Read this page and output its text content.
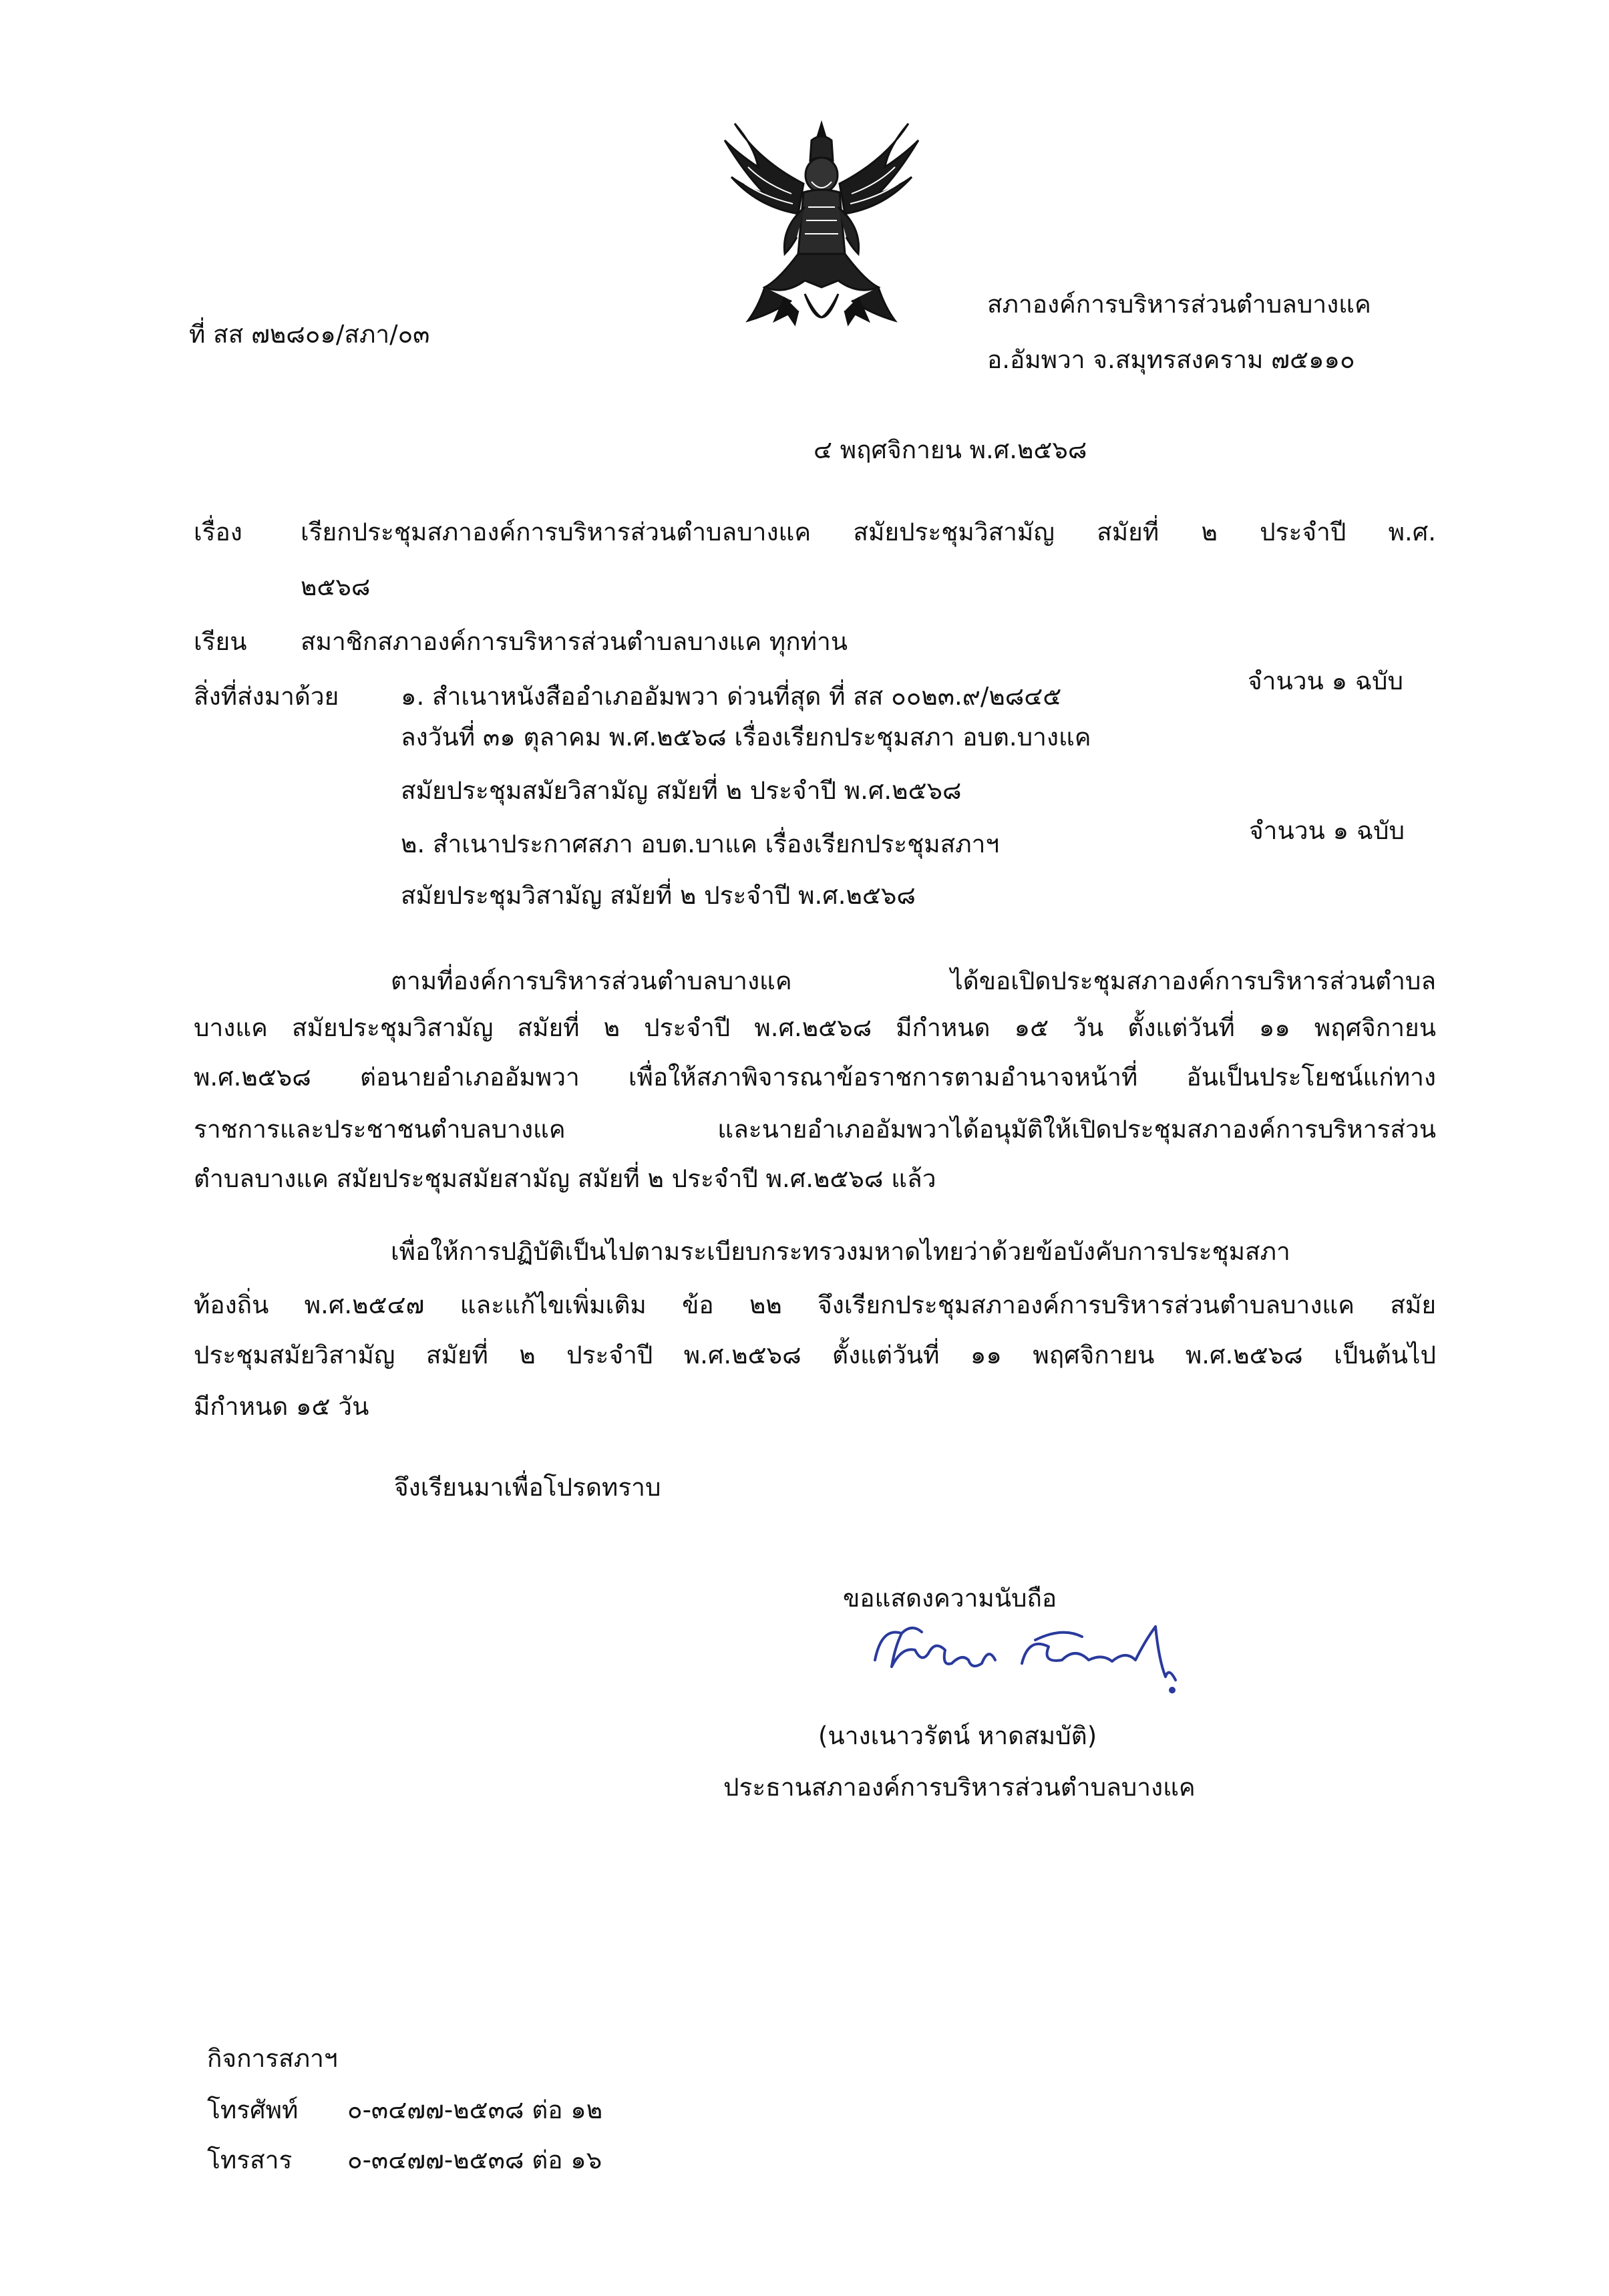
ที่ สส ๗๒๘๐๑/สภา/๐๓
สภาองค์การบริหารส่วนตำบลบางแค
อ.อัมพวา จ.สมุทรสงคราม ๗๕๑๑๐
๔ พฤศจิกายน พ.ศ.๒๕๖๘
เรื่อง เรียกประชุมสภาองค์การบริหารส่วนตำบลบางแค สมัยประชุมวิสามัญ สมัยที่ ๒ ประจำปี พ.ศ.
๒๕๖๘
เรียน สมาชิกสภาองค์การบริหารส่วนตำบลบางแค ทุกท่าน
สิ่งที่ส่งมาด้วย	๑. สำเนาหนังสืออำเภออัมพวา ด่วนที่สุด ที่ สส ๐๐๒๓.๙/๒๘๔๕
จำนวน ๑ ฉบับ
ลงวันที่ ๓๑ ตุลาคม พ.ศ.๒๕๖๘ เรื่องเรียกประชุมสภา อบต.บางแค
สมัยประชุมสมัยวิสามัญ สมัยที่ ๒ ประจำปี พ.ศ.๒๕๖๘
๒. สำเนาประกาศสภา อบต.บาแค เรื่องเรียกประชุมสภาฯ	จำนวน ๑ ฉบับ
สมัยประชุมวิสามัญ สมัยที่ ๒ ประจำปี พ.ศ.๒๕๖๘
ตามที่องค์การบริหารส่วนตำบลบางแค ได้ขอเปิดประชุมสภาองค์การบริหารส่วนตำบล
บางแค สมัยประชุมวิสามัญ สมัยที่ ๒ ประจำปี พ.ศ.๒๕๖๘ มีกำหนด ๑๕ วัน ตั้งแต่วันที่ ๑๑ พฤศจิกายน
พ.ศ.๒๕๖๘ ต่อนายอำเภออัมพวา เพื่อให้สภาพิจารณาข้อราชการตามอำนาจหน้าที่ อันเป็นประโยชน์แก่ทาง
ราชการและประชาชนตำบลบางแค และนายอำเภออัมพวาได้อนุมัติให้เปิดประชุมสภาองค์การบริหารส่วน
ตำบลบางแค สมัยประชุมสมัยสามัญ สมัยที่ ๒ ประจำปี พ.ศ.๒๕๖๘ แล้ว
เพื่อให้การปฏิบัติเป็นไปตามระเบียบกระทรวงมหาดไทยว่าด้วยข้อบังคับการประชุมสภา
ท้องถิ่น พ.ศ.๒๕๔๗ และแก้ไขเพิ่มเติม ข้อ ๒๒ จึงเรียกประชุมสภาองค์การบริหารส่วนตำบลบางแค สมัย
ประชุมสมัยวิสามัญ สมัยที่ ๒ ประจำปี พ.ศ.๒๕๖๘ ตั้งแต่วันที่ ๑๑ พฤศจิกายน พ.ศ.๒๕๖๘ เป็นต้นไป
มีกำหนด ๑๕ วัน
จึงเรียนมาเพื่อโปรดทราบ
ขอแสดงความนับถือ
(นางเนาวรัตน์ หาดสมบัติ)
ประธานสภาองค์การบริหารส่วนตำบลบางแค
กิจการสภาฯ
โทรศัพท์ ๐-๓๔๗๗-๒๕๓๘ ต่อ ๑๒
โทรสาร ๐-๓๔๗๗-๒๕๓๘ ต่อ ๑๖
